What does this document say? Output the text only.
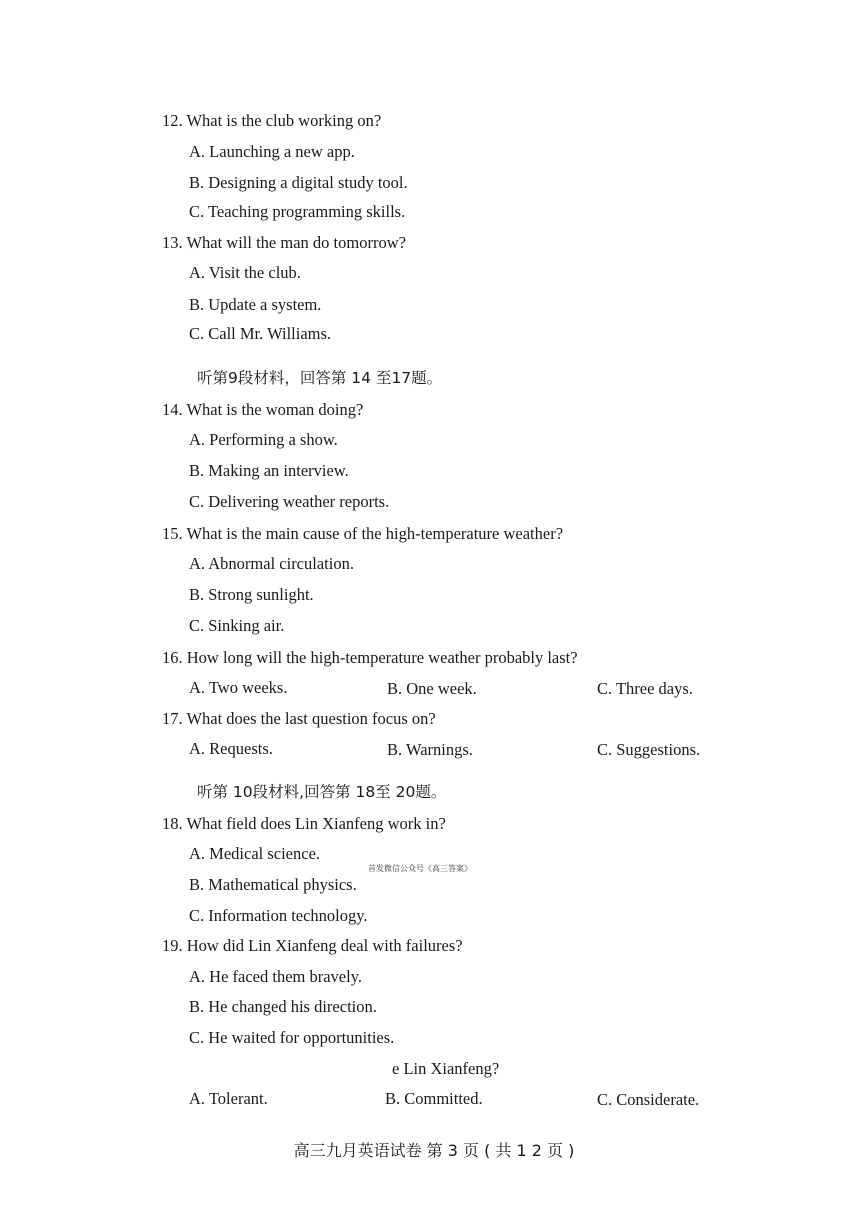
12. What is the club working on?
A. Launching a new app.
B. Designing a digital study tool.
C. Teaching programming skills.
13. What will the man do tomorrow?
A. Visit the club.
B. Update a system.
C. Call Mr. Williams.
听第9段材料，回答第 14 至17题。
14. What is the woman doing?
A. Performing a show.
B. Making an interview.
C. Delivering weather reports.
15. What is the main cause of the high-temperature weather?
A. Abnormal circulation.
B. Strong sunlight.
C. Sinking air.
16. How long will the high-temperature weather probably last?
A. Two weeks.	B. One week.	C. Three days.
17. What does the last question focus on?
A. Requests.	B. Warnings.	C. Suggestions.
听第 10段材料,回答第 18至 20题。
18. What field does Lin Xianfeng work in?
A. Medical science.
B. Mathematical physics.
首发微信公众号《高三答案》
C. Information technology.
19. How did Lin Xianfeng deal with failures?
A. He faced them bravely.
B. He changed his direction.
C. He waited for opportunities.
e Lin Xianfeng?
A. Tolerant.	B. Committed.	C. Considerate.
高三九月英语试卷 第 3 页 ( 共 1 2 页 )
